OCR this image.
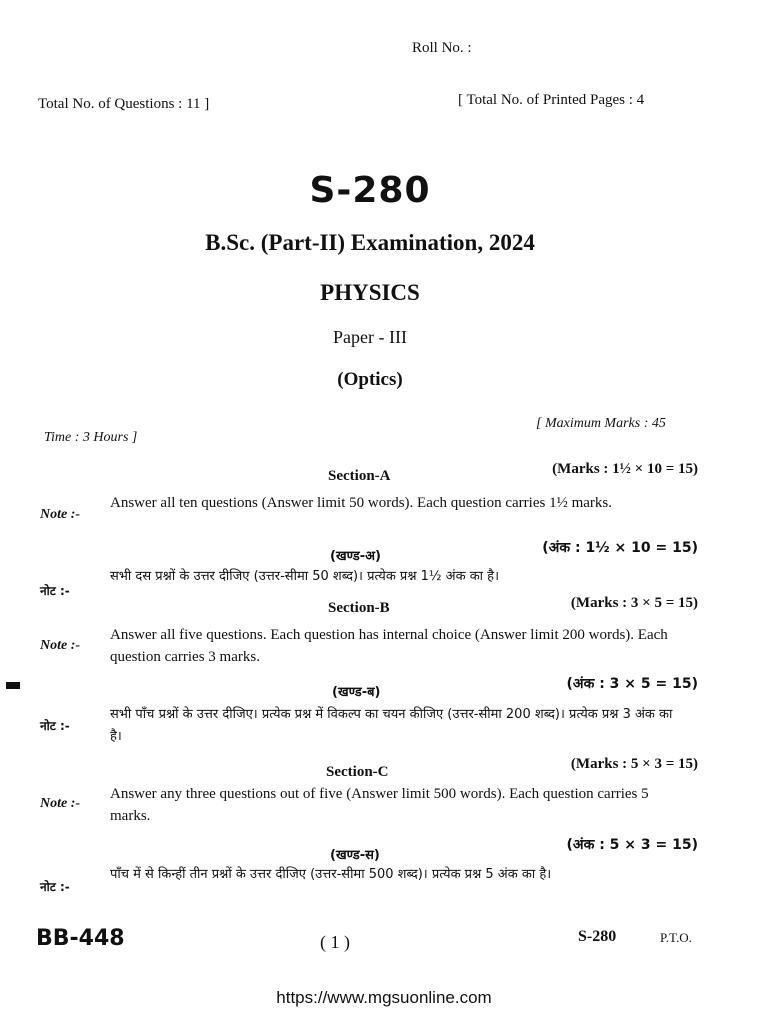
Roll No. :
Total No. of Questions : 11 ]	[ Total No. of Printed Pages : 4
S-280
B.Sc. (Part-II) Examination, 2024
PHYSICS
Paper - III
(Optics)
Time : 3 Hours ]
[ Maximum Marks : 45
Section-A	(Marks : 1½ × 10 = 15)
Note :-
Answer all ten questions (Answer limit 50 words). Each question carries 1½ marks.
(खण्ड-अ)
(अंक : 1½ × 10 = 15)
नोट :-
सभी दस प्रश्नों के उत्तर दीजिए (उत्तर-सीमा 50 शब्द)। प्रत्येक प्रश्न 1½ अंक का है।
Section-B	(Marks : 3 × 5 = 15)
Note :-
Answer all five questions. Each question has internal choice (Answer limit 200 words). Each question carries 3 marks.
(खण्ड-ब)
(अंक : 3 × 5 = 15)
नोट :-
सभी पाँच प्रश्नों के उत्तर दीजिए। प्रत्येक प्रश्न में विकल्प का चयन कीजिए (उत्तर-सीमा 200 शब्द)। प्रत्येक प्रश्न 3 अंक का है।
Section-C	(Marks : 5 × 3 = 15)
Note :-
Answer any three questions out of five (Answer limit 500 words). Each question carries 5 marks.
(खण्ड-स)
(अंक : 5 × 3 = 15)
नोट :-
पाँच में से किन्हीं तीन प्रश्नों के उत्तर दीजिए (उत्तर-सीमा 500 शब्द)। प्रत्येक प्रश्न 5 अंक का है।
BB-448	( 1 )	S-280	P.T.O.
https://www.mgsuonline.com
